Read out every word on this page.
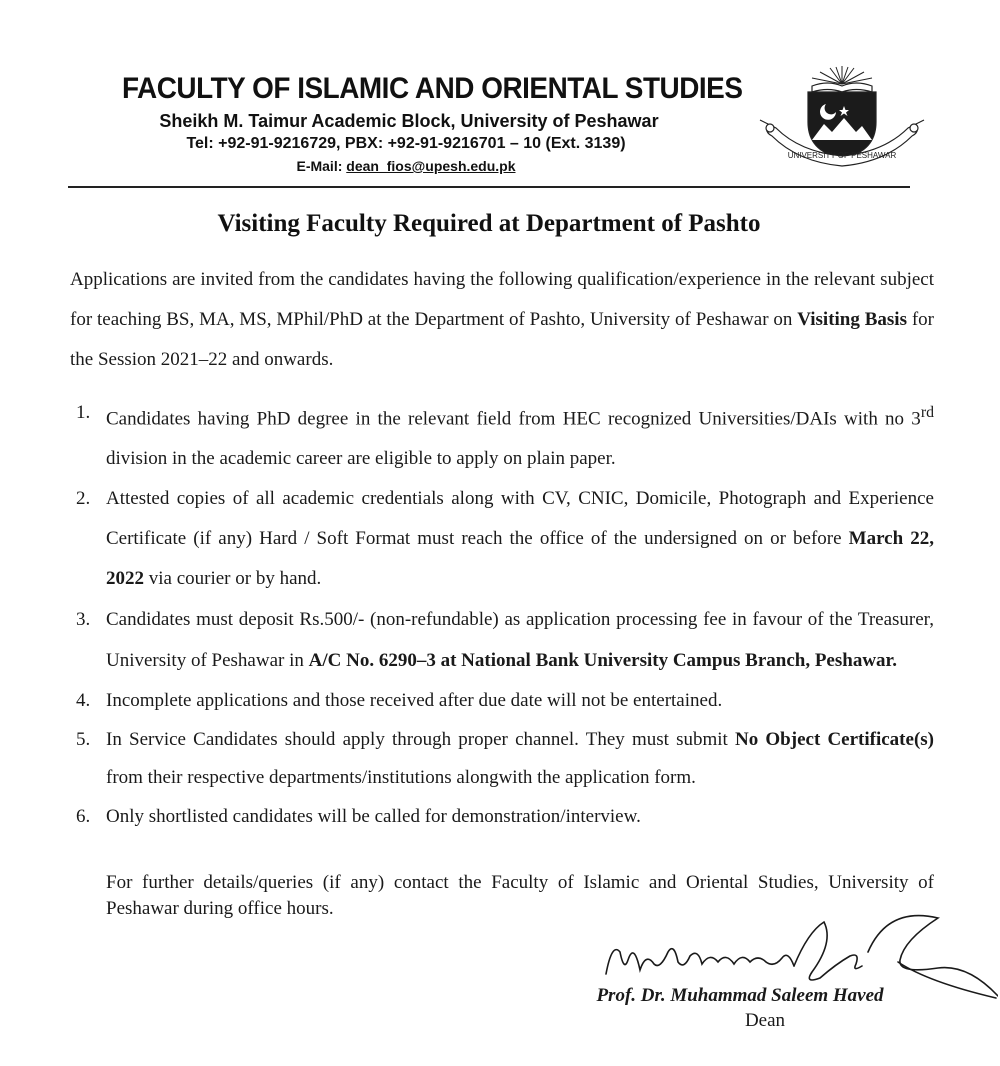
FACULTY OF ISLAMIC AND ORIENTAL STUDIES
Sheikh M. Taimur Academic Block, University of Peshawar
Tel: +92-91-9216729, PBX: +92-91-9216701 – 10 (Ext. 3139)
E-Mail: dean_fios@upesh.edu.pk
UNIVERSITY OF PESHAWAR
Visiting Faculty Required at Department of Pashto
Applications are invited from the candidates having the following qualification/experience in the relevant subject for teaching BS, MA, MS, MPhil/PhD at the Department of Pashto, University of Peshawar on Visiting Basis for the Session 2021–22 and onwards.
1. Candidates having PhD degree in the relevant field from HEC recognized Universities/DAIs with no 3rd division in the academic career are eligible to apply on plain paper.
2. Attested copies of all academic credentials along with CV, CNIC, Domicile, Photograph and Experience Certificate (if any) Hard / Soft Format must reach the office of the undersigned on or before March 22, 2022 via courier or by hand.
3. Candidates must deposit Rs.500/- (non-refundable) as application processing fee in favour of the Treasurer, University of Peshawar in A/C No. 6290–3 at National Bank University Campus Branch, Peshawar.
4. Incomplete applications and those received after due date will not be entertained.
5. In Service Candidates should apply through proper channel. They must submit No Object Certificate(s) from their respective departments/institutions alongwith the application form.
6. Only shortlisted candidates will be called for demonstration/interview.
For further details/queries (if any) contact the Faculty of Islamic and Oriental Studies, University of Peshawar during office hours.
Prof. Dr. Muhammad Saleem Haved
Dean
